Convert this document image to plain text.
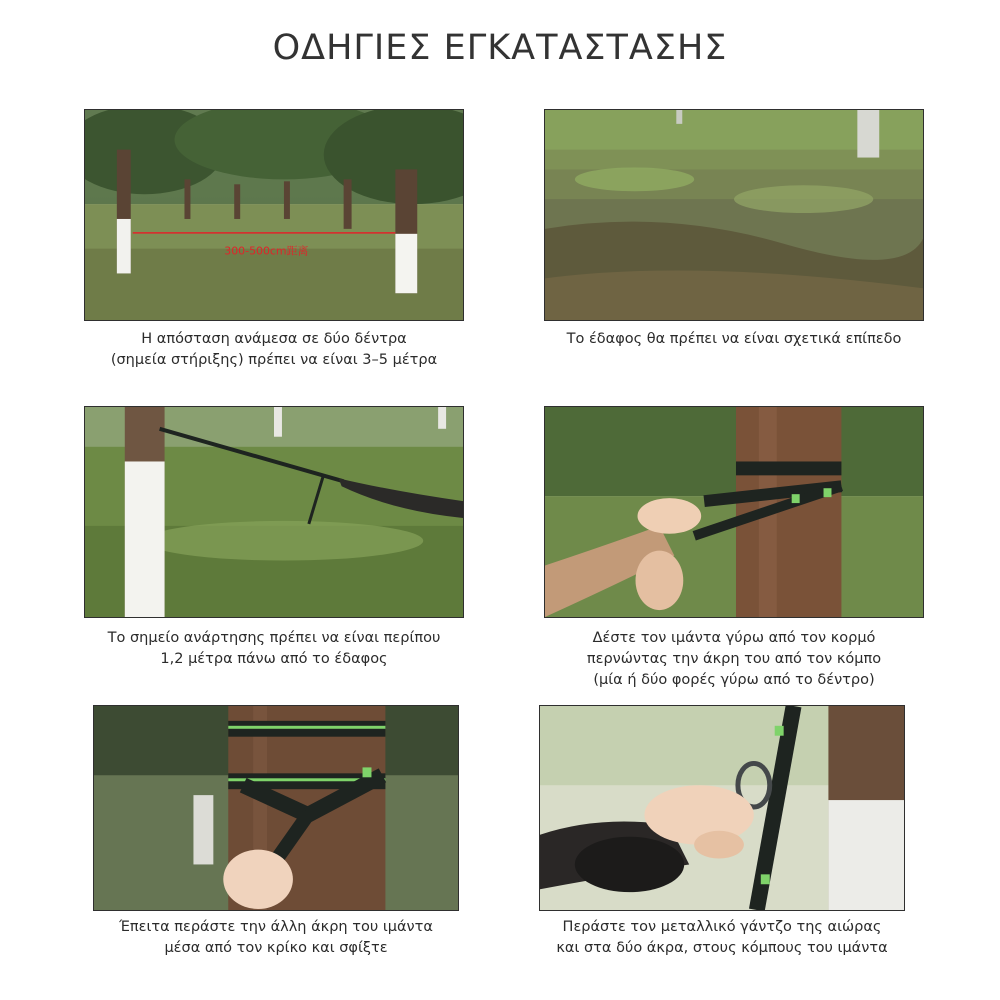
ΟΔΗΓΙΕΣ ΕΓΚΑΤΑΣΤΑΣΗΣ
300-500cm距离
Η απόσταση ανάμεσα σε δύο δέντρα
(σημεία στήριξης) πρέπει να είναι 3–5 μέτρα
Το έδαφος θα πρέπει να είναι σχετικά επίπεδο
Το σημείο ανάρτησης πρέπει να είναι περίπου
1,2 μέτρα πάνω από το έδαφος
Δέστε τον ιμάντα γύρω από τον κορμό
περνώντας την άκρη του από τον κόμπο
(μία ή δύο φορές γύρω από το δέντρο)
Έπειτα περάστε την άλλη άκρη του ιμάντα
μέσα από τον κρίκο και σφίξτε
Περάστε τον μεταλλικό γάντζο της αιώρας
και στα δύο άκρα, στους κόμπους του ιμάντα
